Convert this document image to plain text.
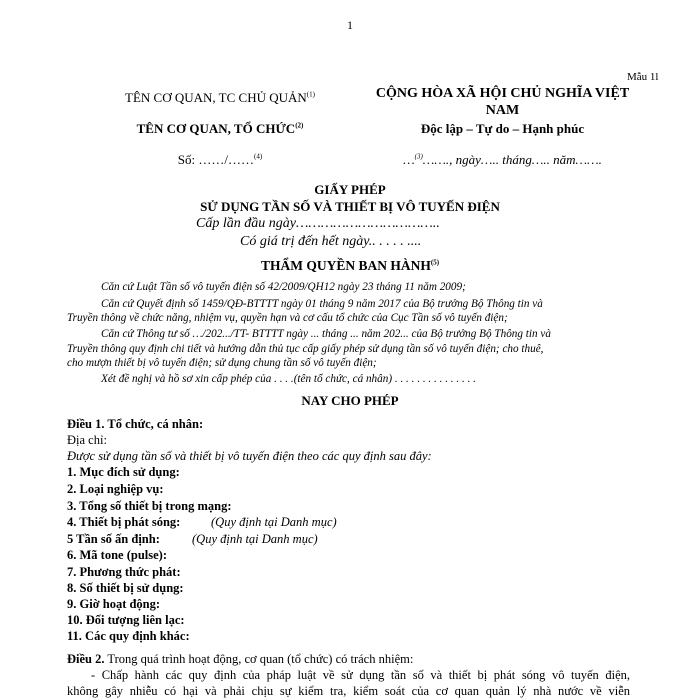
1
Mẫu 1l
TÊN CƠ QUAN, TC CHỦ QUẢN$^{(1)}$
TÊN CƠ QUAN, TỔ CHỨC$^{(2)}$
Số: ……/……$^{(4)}$
CỘNG HÒA XÃ HỘI CHỦ NGHĨA VIỆT
NAM
Độc lập – Tự do – Hạnh phúc
…$^{(3)}$……., ngày….. tháng….. năm…….
GIẤY PHÉP
SỬ DỤNG TẦN SỐ VÀ THIẾT BỊ VÔ TUYẾN ĐIỆN
Cấp lần đầu ngày……………………………..
Có giá trị đến hết ngày.. . . . . ....
THẨM QUYỀN BAN HÀNH$^{(5)}$
Căn cứ Luật Tần số vô tuyến điện số 42/2009/QH12 ngày 23 tháng 11 năm 2009;
Căn cứ Quyết định số 1459/QĐ-BTTTT ngày 01 tháng 9 năm 2017 của Bộ trưởng Bộ Thông tin và
Truyền thông về chức năng, nhiệm vụ, quyền hạn và cơ cấu tổ chức của Cục Tần số vô tuyến điện;
Căn cứ Thông tư số …/202.../TT- BTTTT ngày ... tháng ... năm 202... của Bộ trưởng Bộ Thông tin và
Truyền thông quy định chi tiết và hướng dẫn thủ tục cấp giấy phép sử dụng tần số vô tuyến điện; cho thuê,
cho mượn thiết bị vô tuyến điện; sử dụng chung tần số vô tuyến điện;
Xét đề nghị và hồ sơ xin cấp phép của . . . .(tên tổ chức, cá nhân) . . . . . . . . . . . . . . .
NAY CHO PHÉP
Điều 1. Tổ chức, cá nhân:
Địa chỉ:
Được sử dụng tần số và thiết bị vô tuyến điện theo các quy định sau đây:
1. Mục đích sử dụng:
2. Loại nghiệp vụ:
3. Tổng số thiết bị trong mạng:
4. Thiết bị phát sóng: (Quy định tại Danh mục)
5 Tần số ấn định:	(Quy định tại Danh mục)
6. Mã tone (pulse):
7. Phương thức phát:
8. Số thiết bị sử dụng:
9. Giờ hoạt động:
10. Đối tượng liên lạc:
11. Các quy định khác:
Điều 2. Trong quá trình hoạt động, cơ quan (tổ chức) có trách nhiệm:
- Chấp hành các quy định của pháp luật về sử dụng tần số và thiết bị phát sóng vô tuyến điện,
không gây nhiễu có hại và phải chịu sự kiểm tra, kiểm soát của cơ quan quản lý nhà nước về viễn
